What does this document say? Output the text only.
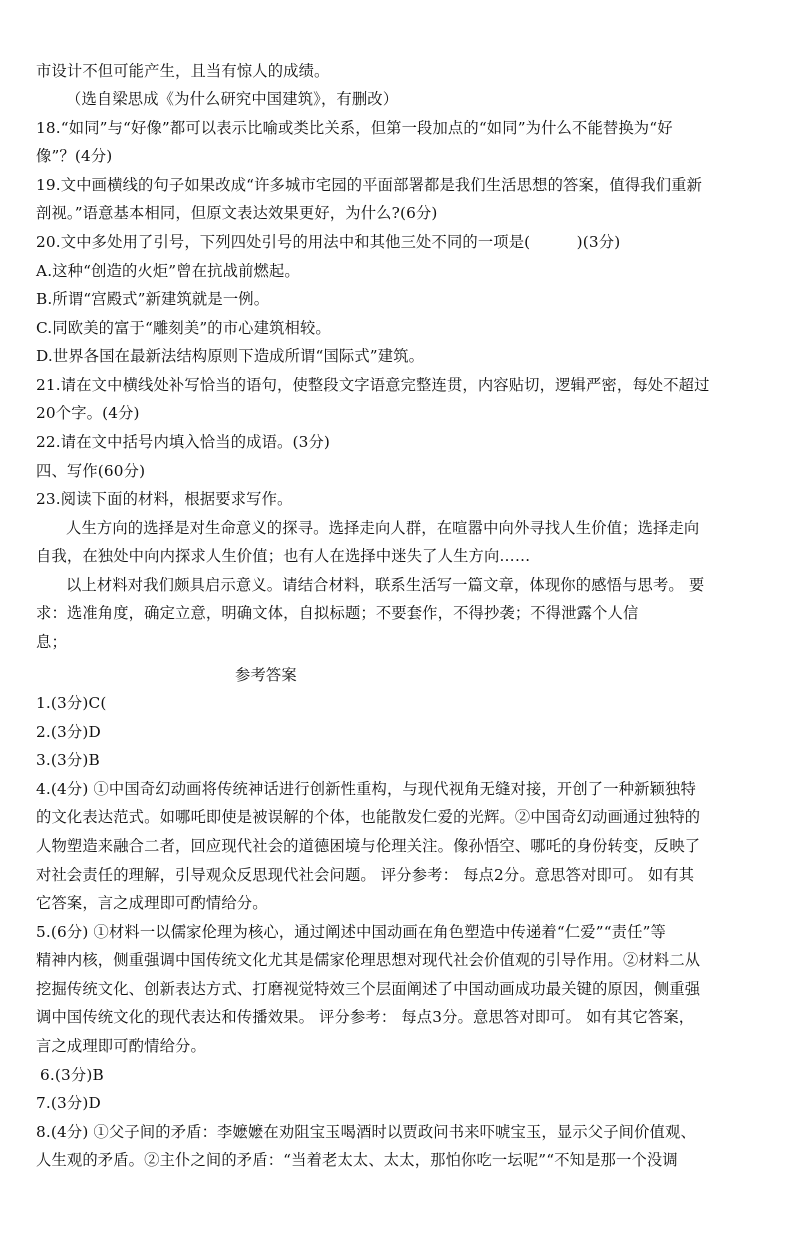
市设计不但可能产生，且当有惊人的成绩。
（选自梁思成《为什么研究中国建筑》，有删改）
18.“如同”与“好像”都可以表示比喻或类比关系，但第一段加点的“如同”为什么不能替换为“好
像”？(4分)
19.文中画横线的句子如果改成“许多城市宅园的平面部署都是我们生活思想的答案，值得我们重新
剖视。”语意基本相同，但原文表达效果更好，为什么?(6分)
20.文中多处用了引号，下列四处引号的用法中和其他三处不同的一项是(　　　)(3分)
A.这种“创造的火炬”曾在抗战前燃起。
B.所谓“宫殿式”新建筑就是一例。
C.同欧美的富于“雕刻美”的市心建筑相较。
D.世界各国在最新法结构原则下造成所谓“国际式”建筑。
21.请在文中横线处补写恰当的语句，使整段文字语意完整连贯，内容贴切，逻辑严密，每处不超过
20个字。(4分)
22.请在文中括号内填入恰当的成语。(3分)
四、写作(60分)
23.阅读下面的材料，根据要求写作。
人生方向的选择是对生命意义的探寻。选择走向人群，在喧嚣中向外寻找人生价值；选择走向
自我，在独处中向内探求人生价值；也有人在选择中迷失了人生方向……
以上材料对我们颇具启示意义。请结合材料，联系生活写一篇文章，体现你的感悟与思考。 要
求：选准角度，确定立意，明确文体，自拟标题；不要套作，不得抄袭；不得泄露个人信
息；
参考答案
1.(3分)C(
2.(3分)D
3.(3分)B
4.(4分) ①中国奇幻动画将传统神话进行创新性重构，与现代视角无缝对接，开创了一种新颖独特
的文化表达范式。如哪吒即使是被误解的个体，也能散发仁爱的光辉。②中国奇幻动画通过独特的
人物塑造来融合二者，回应现代社会的道德困境与伦理关注。像孙悟空、哪吒的身份转变，反映了
对社会责任的理解，引导观众反思现代社会问题。 评分参考： 每点2分。意思答对即可。 如有其
它答案，言之成理即可酌情给分。
5.(6分) ①材料一以儒家伦理为核心，通过阐述中国动画在角色塑造中传递着“仁爱”“责任”等
精神内核，侧重强调中国传统文化尤其是儒家伦理思想对现代社会价值观的引导作用。②材料二从
挖掘传统文化、创新表达方式、打磨视觉特效三个层面阐述了中国动画成功最关键的原因，侧重强
调中国传统文化的现代表达和传播效果。 评分参考： 每点3分。意思答对即可。 如有其它答案，
言之成理即可酌情给分。
6.(3分)B
7.(3分)D
8.(4分) ①父子间的矛盾：李嬷嬷在劝阻宝玉喝酒时以贾政问书来吓唬宝玉，显示父子间价值观、
人生观的矛盾。②主仆之间的矛盾：“当着老太太、太太，那怕你吃一坛呢”“不知是那一个没调
